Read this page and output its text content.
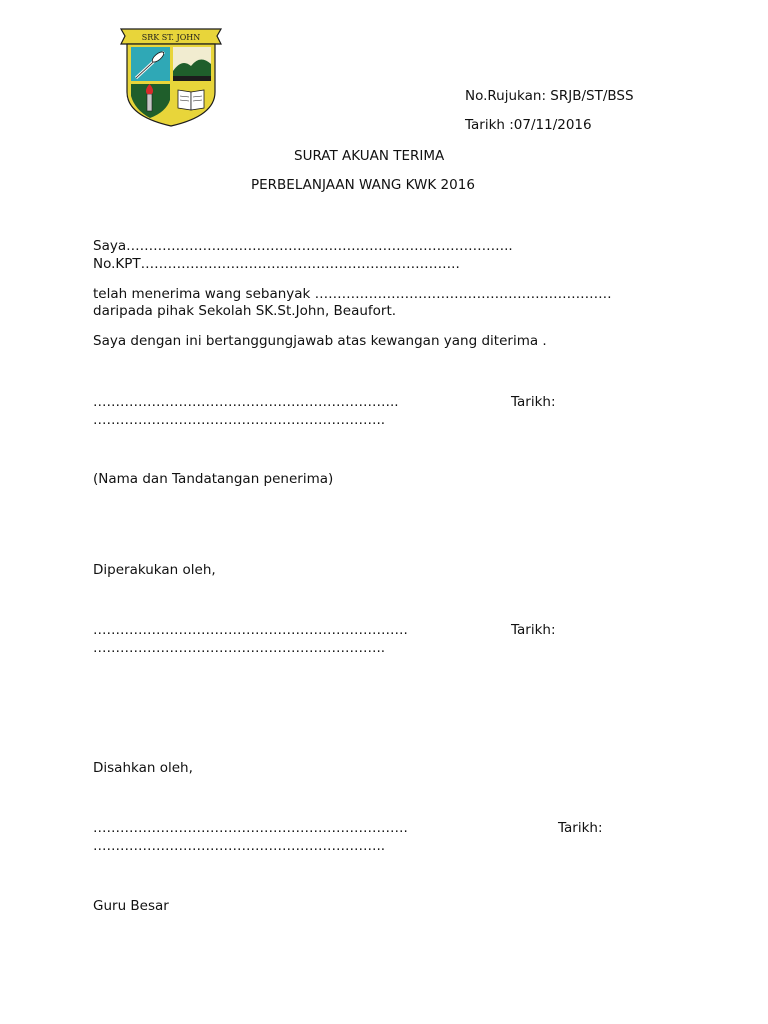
SRK ST. JOHN
No.Rujukan: SRJB/ST/BSS
Tarikh :07/11/2016
SURAT AKUAN TERIMA
PERBELANJAAN WANG KWK 2016
Saya…………………………………………………………………………..
No.KPT……………………………………………………………..
telah menerima wang sebanyak …………………………………………………………
daripada pihak Sekolah SK.St.John, Beaufort.
Saya dengan ini bertanggungjawab atas kewangan yang diterima .
…………………………………………………………..	Tarikh:
………………………………………………………..
(Nama dan Tandatangan penerima)
Diperakukan oleh,
…………………………………………………………….	Tarikh:
………………………………………………………..
Disahkan oleh,
…………………………………………………………….	Tarikh:
………………………………………………………..
Guru Besar
